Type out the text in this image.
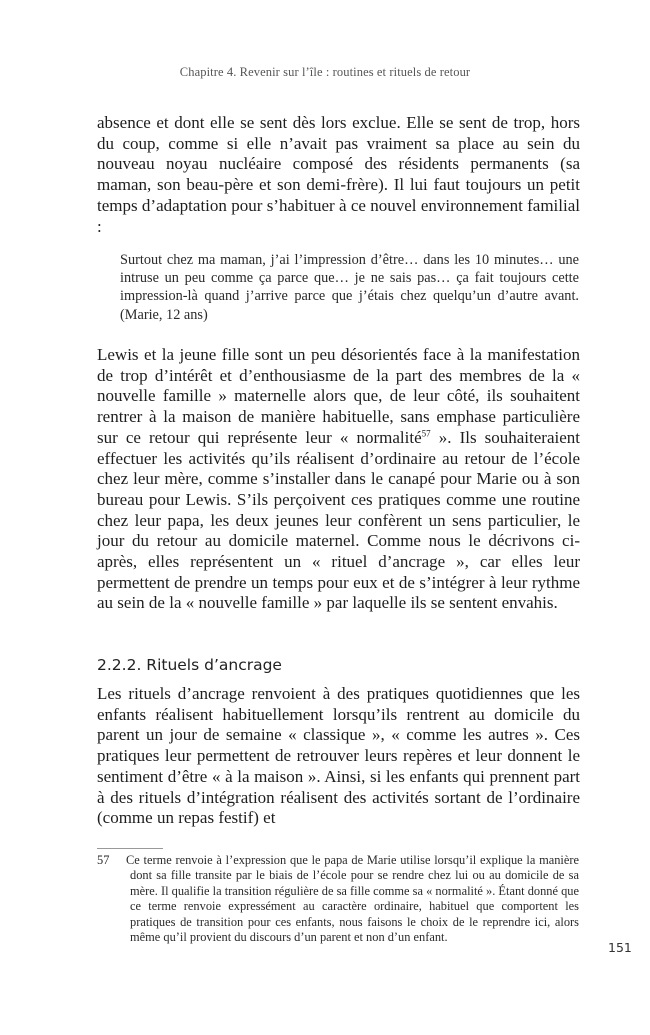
Chapitre 4. Revenir sur l’île : routines et rituels de retour

absence et dont elle se sent dès lors exclue. Elle se sent de trop, hors du coup, comme si elle n’avait pas vraiment sa place au sein du nouveau noyau nucléaire composé des résidents permanents (sa maman, son beau-père et son demi-frère). Il lui faut toujours un petit temps d’adaptation pour s’habituer à ce nouvel environnement familial :

Surtout chez ma maman, j’ai l’impression d’être… dans les 10 minutes… une intruse un peu comme ça parce que… je ne sais pas… ça fait toujours cette impression-là quand j’arrive parce que j’étais chez quelqu’un d’autre avant. (Marie, 12 ans)

Lewis et la jeune fille sont un peu désorientés face à la manifestation de trop d’intérêt et d’enthousiasme de la part des membres de la « nouvelle famille » maternelle alors que, de leur côté, ils souhaitent rentrer à la maison de manière habituelle, sans emphase particulière sur ce retour qui représente leur « normalité$^{57}$ ». Ils souhaiteraient effectuer les activités qu’ils réalisent d’ordinaire au retour de l’école chez leur mère, comme s’installer dans le canapé pour Marie ou à son bureau pour Lewis. S’ils perçoivent ces pratiques comme une routine chez leur papa, les deux jeunes leur confèrent un sens particulier, le jour du retour au domicile maternel. Comme nous le décrivons ci-après, elles représentent un « rituel d’ancrage », car elles leur permettent de prendre un temps pour eux et de s’intégrer à leur rythme au sein de la « nouvelle famille » par laquelle ils se sentent envahis.

2.2.2. Rituels d’ancrage

Les rituels d’ancrage renvoient à des pratiques quotidiennes que les enfants réalisent habituellement lorsqu’ils rentrent au domicile du parent un jour de semaine « classique », « comme les autres ». Ces pratiques leur permettent de retrouver leurs repères et leur donnent le sentiment d’être « à la maison ». Ainsi, si les enfants qui prennent part à des rituels d’intégration réalisent des activités sortant de l’ordinaire (comme un repas festif) et

57 Ce terme renvoie à l’expression que le papa de Marie utilise lorsqu’il explique la manière dont sa fille transite par le biais de l’école pour se rendre chez lui ou au domicile de sa mère. Il qualifie la transition régulière de sa fille comme sa « normalité ». Étant donné que ce terme renvoie expressément au caractère ordinaire, habituel que comportent les pratiques de transition pour ces enfants, nous faisons le choix de le reprendre ici, alors même qu’il provient du discours d’un parent et non d’un enfant.

151
